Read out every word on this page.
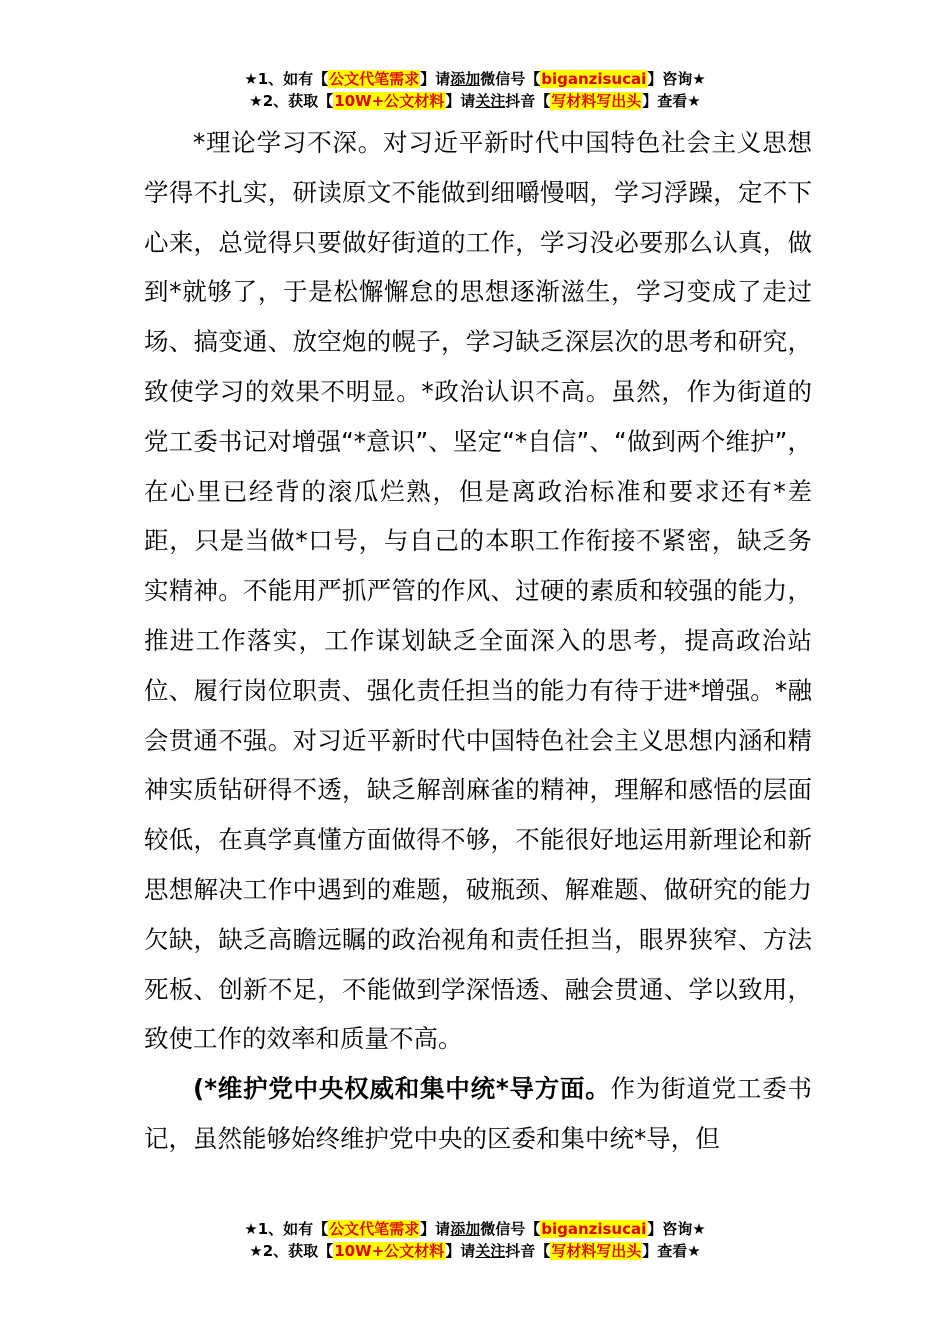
★1、如有【公文代笔需求】请添加微信号【biganzisucai】咨询★
★2、获取【10W+公文材料】请关注抖音【写材料写出头】查看★

*理论学习不深。对习近平新时代中国特色社会主义思想学得不扎实，研读原文不能做到细嚼慢咽，学习浮躁，定不下心来，总觉得只要做好街道的工作，学习没必要那么认真，做到*就够了，于是松懈懈怠的思想逐渐滋生，学习变成了走过场、搞变通、放空炮的幌子，学习缺乏深层次的思考和研究，致使学习的效果不明显。*政治认识不高。虽然，作为街道的党工委书记对增强“*意识”、坚定“*自信”、“做到两个维护”，在心里已经背的滚瓜烂熟，但是离政治标准和要求还有*差距，只是当做*口号，与自己的本职工作衔接不紧密，缺乏务实精神。不能用严抓严管的作风、过硬的素质和较强的能力，推进工作落实，工作谋划缺乏全面深入的思考，提高政治站位、履行岗位职责、强化责任担当的能力有待于进*增强。*融会贯通不强。对习近平新时代中国特色社会主义思想内涵和精神实质钻研得不透，缺乏解剖麻雀的精神，理解和感悟的层面较低，在真学真懂方面做得不够，不能很好地运用新理论和新思想解决工作中遇到的难题，破瓶颈、解难题、做研究的能力欠缺，缺乏高瞻远瞩的政治视角和责任担当，眼界狭窄、方法死板、创新不足，不能做到学深悟透、融会贯通、学以致用，致使工作的效率和质量不高。

(*维护党中央权威和集中统*导方面。作为街道党工委书记，虽然能够始终维护党中央的区委和集中统*导，但

★1、如有【公文代笔需求】请添加微信号【biganzisucai】咨询★
★2、获取【10W+公文材料】请关注抖音【写材料写出头】查看★
